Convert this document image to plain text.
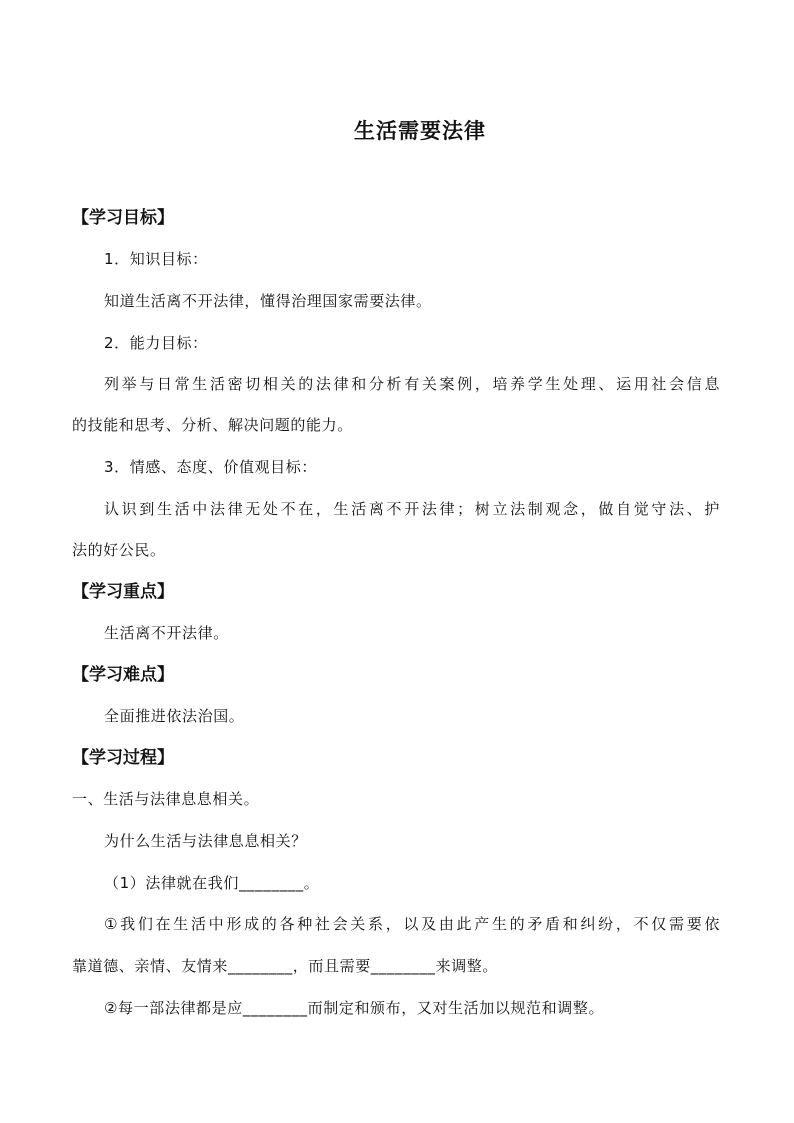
生活需要法律
【学习目标】
1．知识目标：
知道生活离不开法律，懂得治理国家需要法律。
2．能力目标：
列举与日常生活密切相关的法律和分析有关案例，培养学生处理、运用社会信息
的技能和思考、分析、解决问题的能力。
3．情感、态度、价值观目标：
认识到生活中法律无处不在，生活离不开法律；树立法制观念，做自觉守法、护
法的好公民。
【学习重点】
生活离不开法律。
【学习难点】
全面推进依法治国。
【学习过程】
一、生活与法律息息相关。
为什么生活与法律息息相关？
（1）法律就在我们________。
①我们在生活中形成的各种社会关系，以及由此产生的矛盾和纠纷，不仅需要依
靠道德、亲情、友情来________，而且需要________来调整。
②每一部法律都是应________而制定和颁布，又对生活加以规范和调整。
